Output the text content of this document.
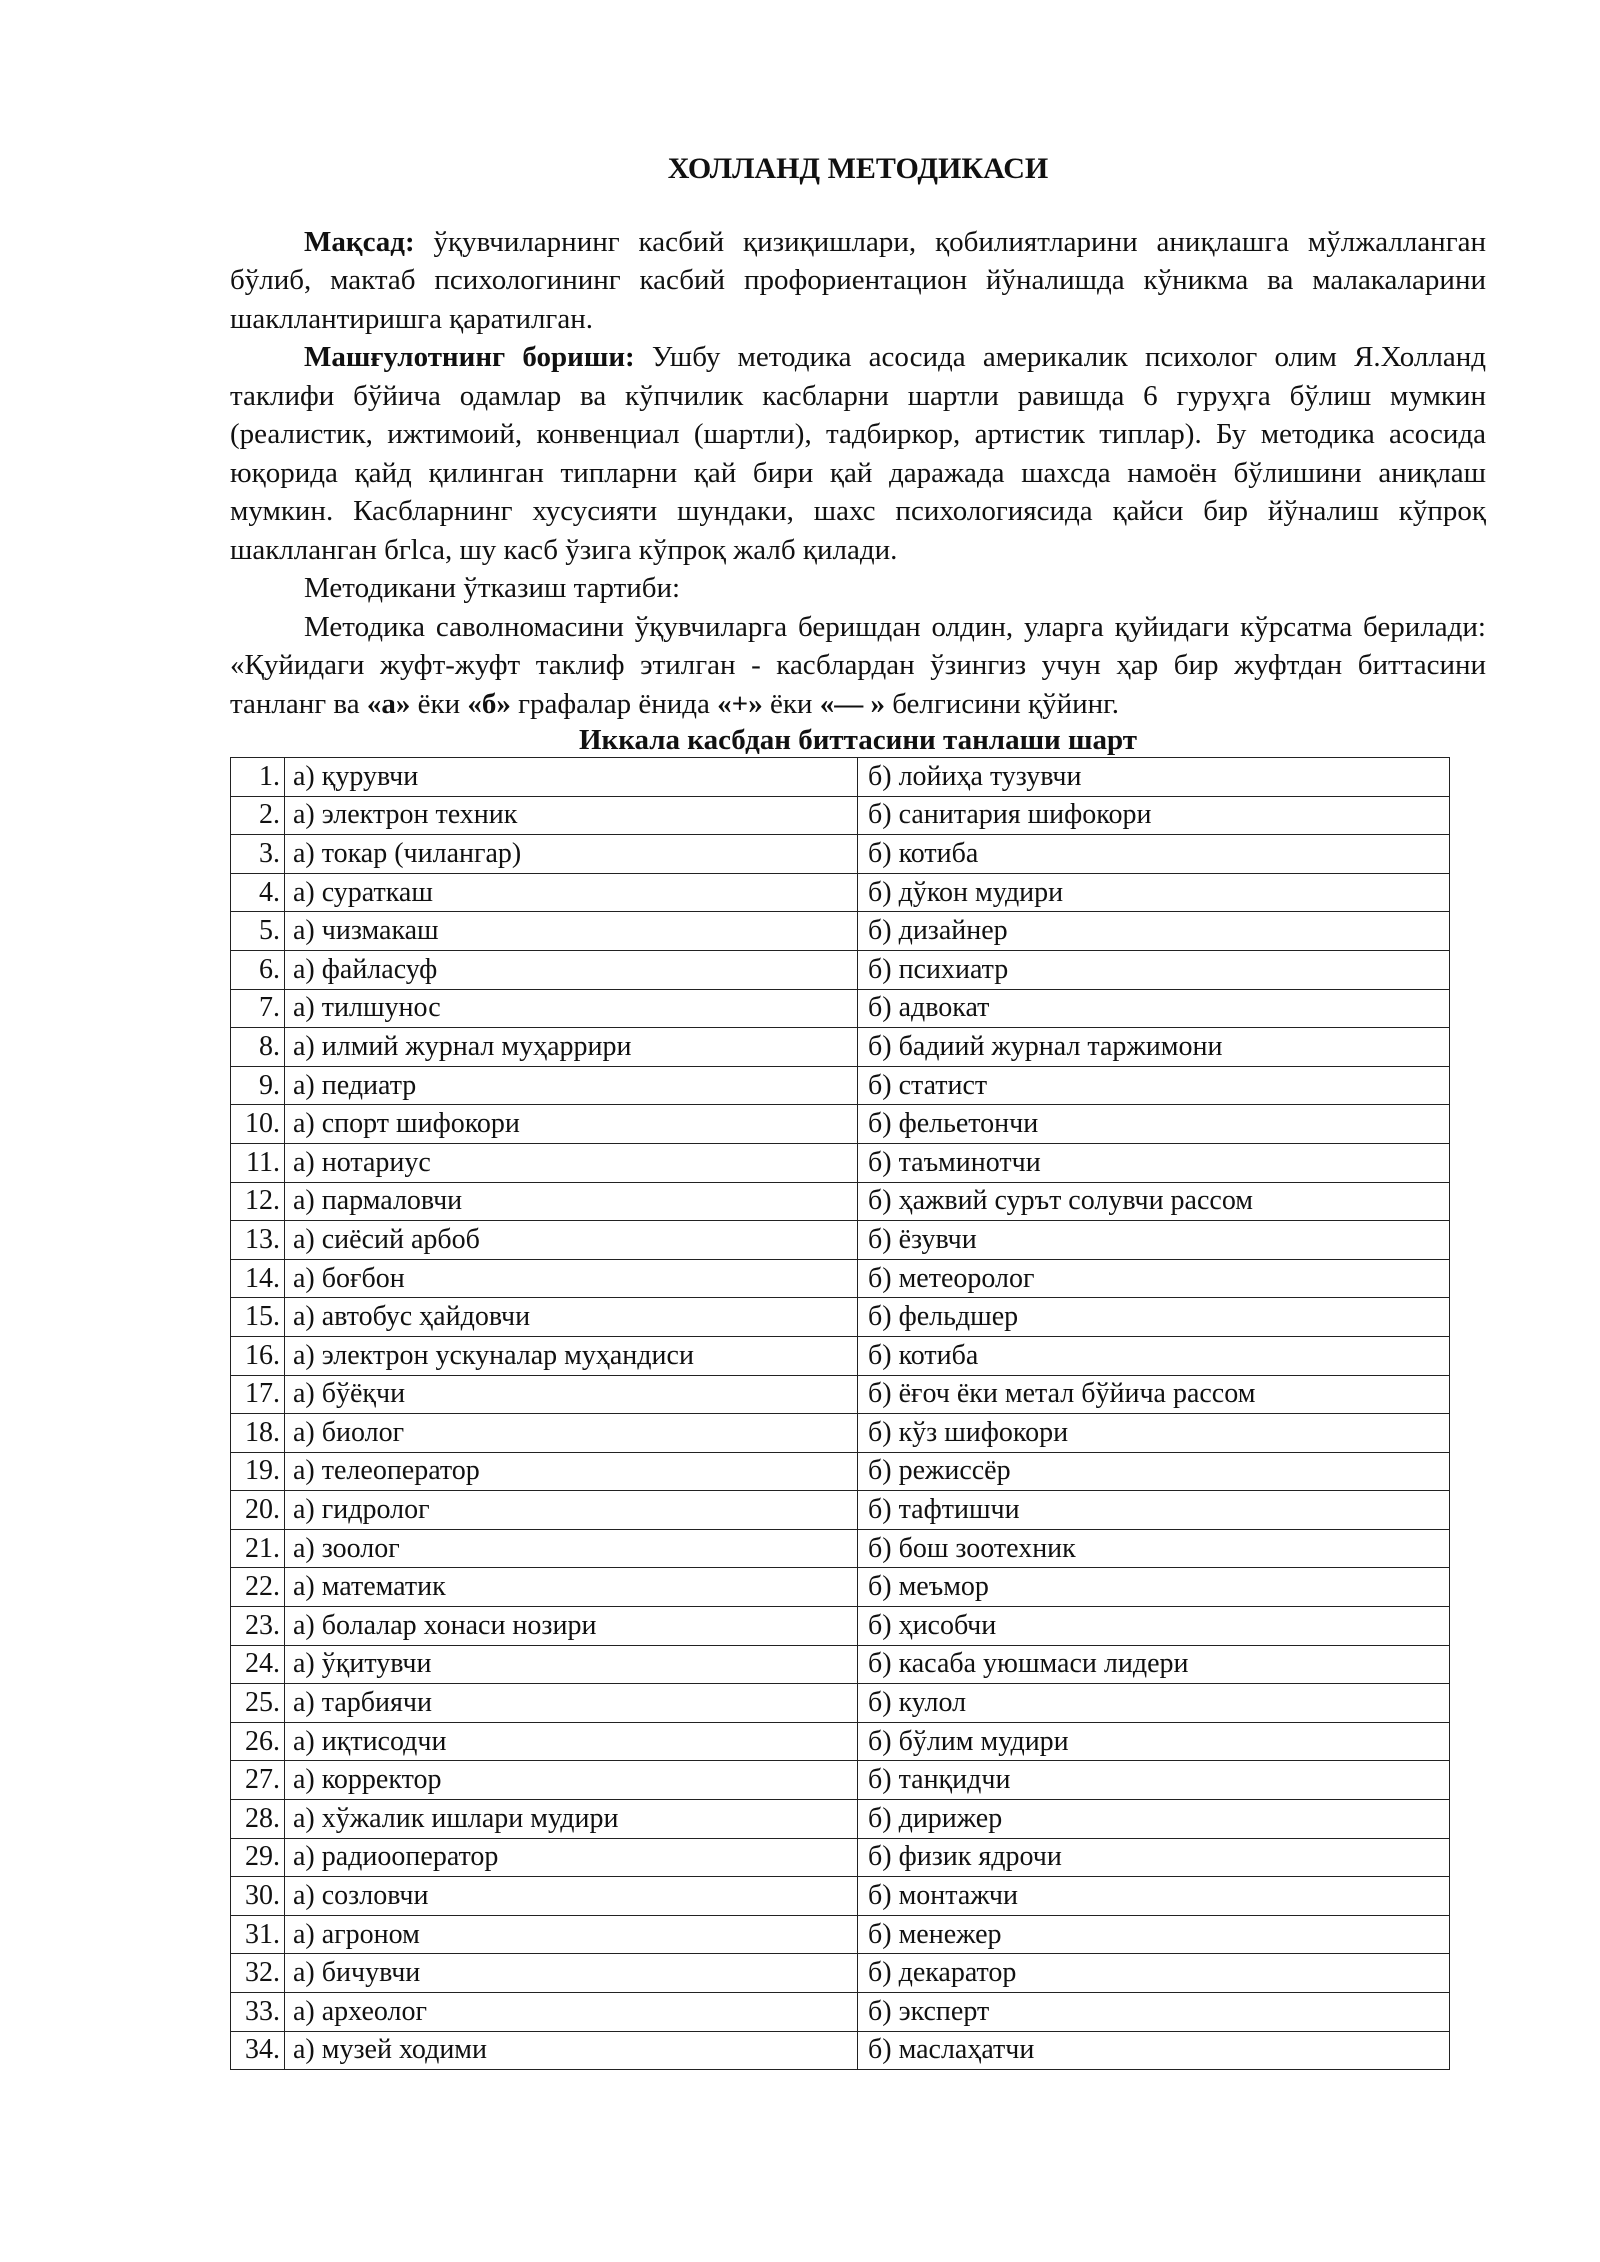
ХОЛЛАНД МЕТОДИКАСИ

Мақсад: ўқувчиларнинг касбий қизиқишлари, қобилиятларини аниқлашга мўлжалланган бўлиб, мактаб психологининг касбий профориентацион йўналишда кўникма ва малакаларини шакллантиришга қаратилган.

Машғулотнинг бориши: Ушбу методика асосида америкалик психолог олим Я.Холланд таклифи бўйича одамлар ва кўпчилик касбларни шартли равишда 6 гуруҳга бўлиш мумкин (реалистик, ижтимоий, конвенциал (шартли), тадбиркор, артистик типлар). Бу методика асосида юқорида қайд қилинган типларни қай бири қай даражада шахсда намоён бўлишини аниқлаш мумкин. Касбларнинг хусусияти шундаки, шахс психологиясида қайси бир йўналиш кўпроқ шаклланган бгlса, шу касб ўзига кўпроқ жалб қилади.

Методикани ўтказиш тартиби:

Методика саволномасини ўқувчиларга беришдан олдин, уларга қуйидаги кўрсатма берилади: «Қуйидаги жуфт-жуфт таклиф этилган - касблардан ўзингиз учун ҳар бир жуфтдан биттасини танланг ва «а» ёки «б» графалар ёнида «+» ёки «— » белгисини қўйинг.

Иккала касбдан биттасини танлаши шарт

1.	а) қурувчи	б) лойиҳа тузувчи
2.	а) электрон техник	б) санитария шифокори
3.	а) токар (чилангар)	б) котиба
4.	а) сураткаш	б) дўкон мудири
5.	а) чизмакаш	б) дизайнер
6.	а) файласуф	б) психиатр
7.	а) тилшунос	б) адвокат
8.	а) илмий журнал муҳаррири	б) бадиий журнал таржимони
9.	а) педиатр	б) статист
10.	а) спорт шифокори	б) фельетончи
11.	а) нотариус	б) таъминотчи
12.	а) пармаловчи	б) ҳажвий сурът солувчи рассом
13.	а) сиёсий арбоб	б) ёзувчи
14.	а) боғбон	б) метеоролог
15.	а) автобус ҳайдовчи	б) фельдшер
16.	а) электрон ускуналар муҳандиси	б) котиба
17.	а) бўёқчи	б) ёғоч ёки метал бўйича рассом
18.	а) биолог	б) кўз шифокори
19.	а) телеоператор	б) режиссёр
20.	а) гидролог	б) тафтишчи
21.	а) зоолог	б) бош зоотехник
22.	а) математик	б) меъмор
23.	а) болалар хонаси нозири	б) ҳисобчи
24.	а) ўқитувчи	б) касаба уюшмаси лидери
25.	а) тарбиячи	б) кулол
26.	а) иқтисодчи	б) бўлим мудири
27.	а) корректор	б) танқидчи
28.	а) хўжалик ишлари мудири	б) дирижер
29.	а) радиооператор	б) физик ядрочи
30.	а) созловчи	б) монтажчи
31.	а) агроном	б) менежер
32.	а) бичувчи	б) декаратор
33.	а) археолог	б) эксперт
34.	а) музей ходими	б) маслаҳатчи
